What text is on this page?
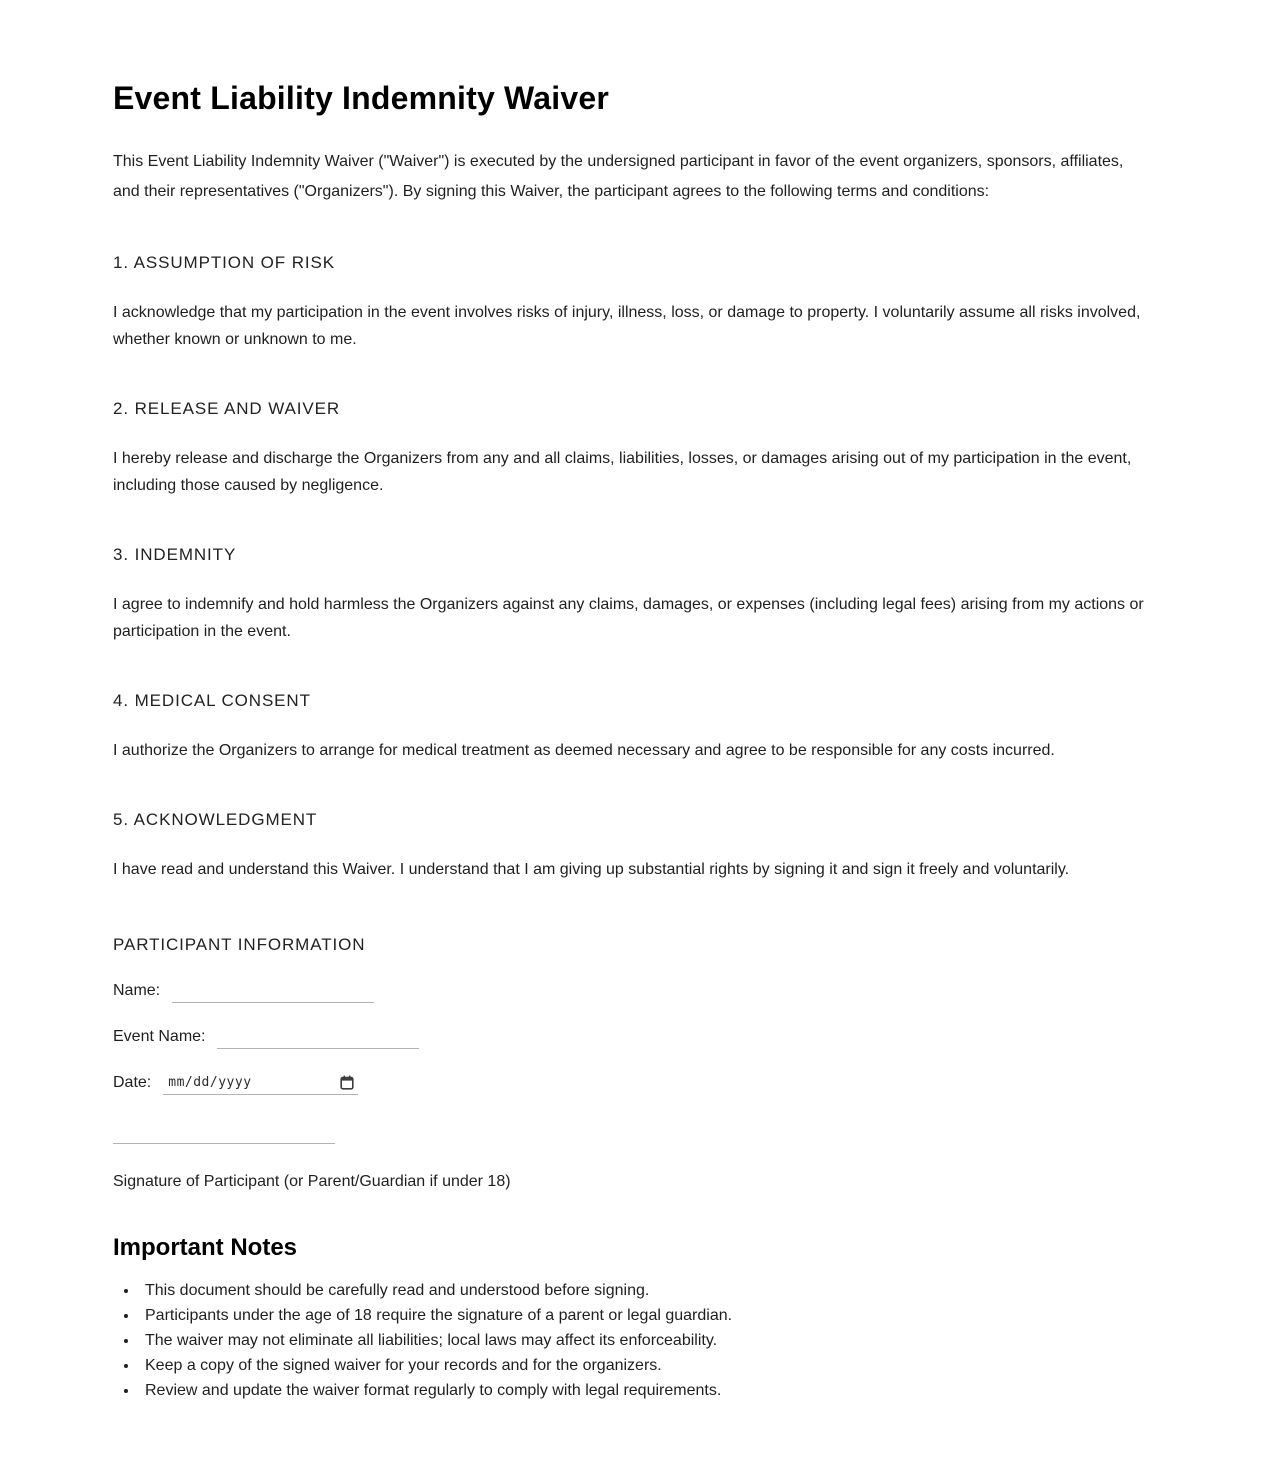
Event Liability Indemnity Waiver

This Event Liability Indemnity Waiver ("Waiver") is executed by the undersigned participant in favor of the event organizers, sponsors, affiliates, and their representatives ("Organizers"). By signing this Waiver, the participant agrees to the following terms and conditions:

1. ASSUMPTION OF RISK

I acknowledge that my participation in the event involves risks of injury, illness, loss, or damage to property. I voluntarily assume all risks involved, whether known or unknown to me.

2. RELEASE AND WAIVER

I hereby release and discharge the Organizers from any and all claims, liabilities, losses, or damages arising out of my participation in the event, including those caused by negligence.

3. INDEMNITY

I agree to indemnify and hold harmless the Organizers against any claims, damages, or expenses (including legal fees) arising from my actions or participation in the event.

4. MEDICAL CONSENT

I authorize the Organizers to arrange for medical treatment as deemed necessary and agree to be responsible for any costs incurred.

5. ACKNOWLEDGMENT

I have read and understand this Waiver. I understand that I am giving up substantial rights by signing it and sign it freely and voluntarily.

PARTICIPANT INFORMATION
Name:
Event Name:
Date: mm/dd/yyyy

Signature of Participant (or Parent/Guardian if under 18)

Important Notes
• This document should be carefully read and understood before signing.
• Participants under the age of 18 require the signature of a parent or legal guardian.
• The waiver may not eliminate all liabilities; local laws may affect its enforceability.
• Keep a copy of the signed waiver for your records and for the organizers.
• Review and update the waiver format regularly to comply with legal requirements.
